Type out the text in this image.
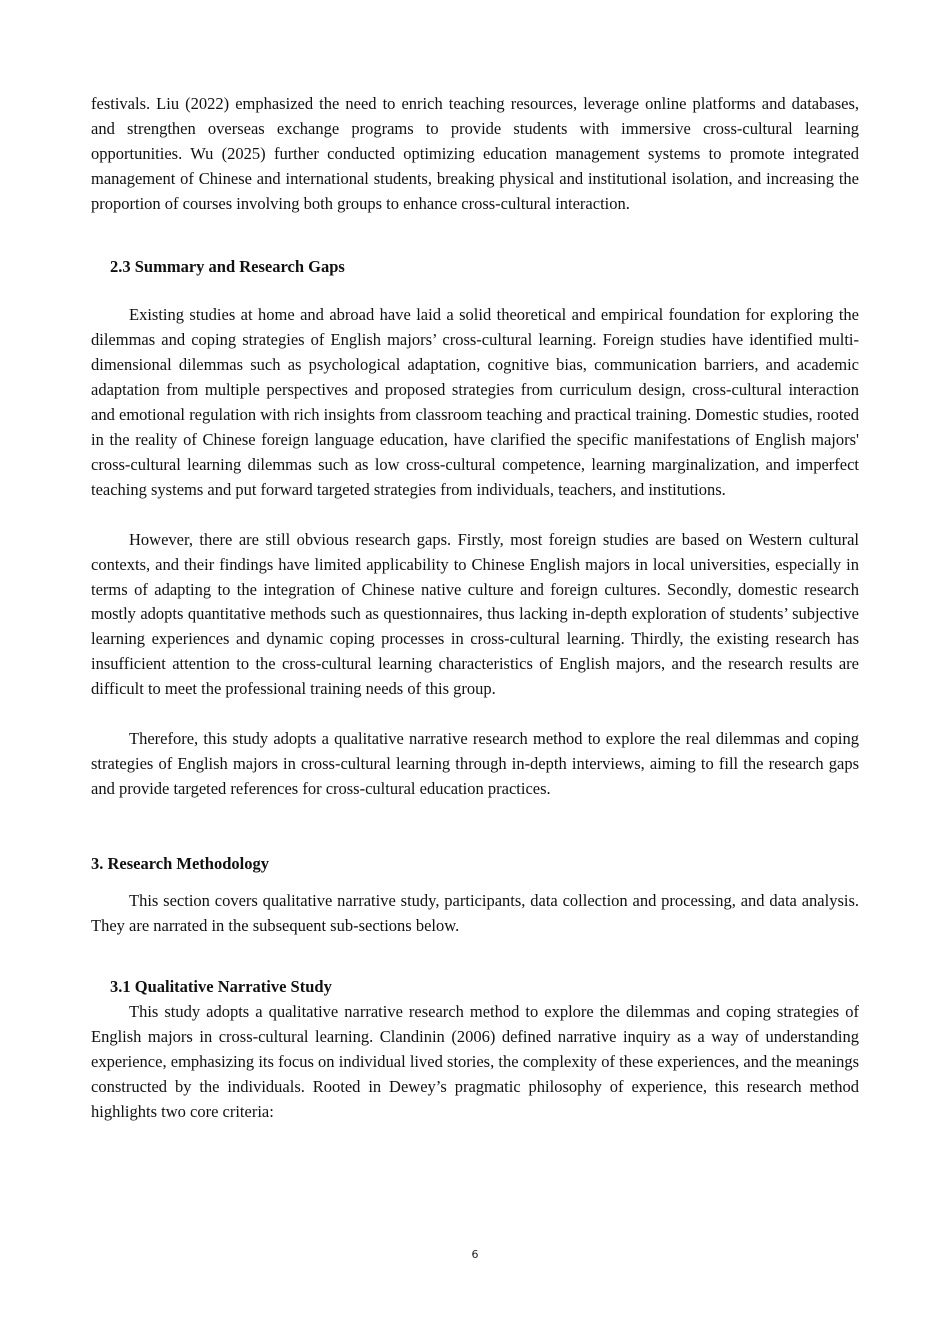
festivals. Liu (2022) emphasized the need to enrich teaching resources, leverage online platforms and databases, and strengthen overseas exchange programs to provide students with immersive cross-cultural learning opportunities. Wu (2025) further conducted optimizing education management systems to promote integrated management of Chinese and international students, breaking physical and institutional isolation, and increasing the proportion of courses involving both groups to enhance cross-cultural interaction.

2.3 Summary and Research Gaps

Existing studies at home and abroad have laid a solid theoretical and empirical foundation for exploring the dilemmas and coping strategies of English majors’ cross-cultural learning. Foreign studies have identified multi-dimensional dilemmas such as psychological adaptation, cognitive bias, communication barriers, and academic adaptation from multiple perspectives and proposed strategies from curriculum design, cross-cultural interaction and emotional regulation with rich insights from classroom teaching and practical training. Domestic studies, rooted in the reality of Chinese foreign language education, have clarified the specific manifestations of English majors' cross-cultural learning dilemmas such as low cross-cultural competence, learning marginalization, and imperfect teaching systems and put forward targeted strategies from individuals, teachers, and institutions.

However, there are still obvious research gaps. Firstly, most foreign studies are based on Western cultural contexts, and their findings have limited applicability to Chinese English majors in local universities, especially in terms of adapting to the integration of Chinese native culture and foreign cultures. Secondly, domestic research mostly adopts quantitative methods such as questionnaires, thus lacking in-depth exploration of students’ subjective learning experiences and dynamic coping processes in cross-cultural learning. Thirdly, the existing research has insufficient attention to the cross-cultural learning characteristics of English majors, and the research results are difficult to meet the professional training needs of this group.

Therefore, this study adopts a qualitative narrative research method to explore the real dilemmas and coping strategies of English majors in cross-cultural learning through in-depth interviews, aiming to fill the research gaps and provide targeted references for cross-cultural education practices.

3. Research Methodology

This section covers qualitative narrative study, participants, data collection and processing, and data analysis. They are narrated in the subsequent sub-sections below.

3.1 Qualitative Narrative Study

This study adopts a qualitative narrative research method to explore the dilemmas and coping strategies of English majors in cross-cultural learning. Clandinin (2006) defined narrative inquiry as a way of understanding experience, emphasizing its focus on individual lived stories, the complexity of these experiences, and the meanings constructed by the individuals. Rooted in Dewey’s pragmatic philosophy of experience, this research method highlights two core criteria:

6
